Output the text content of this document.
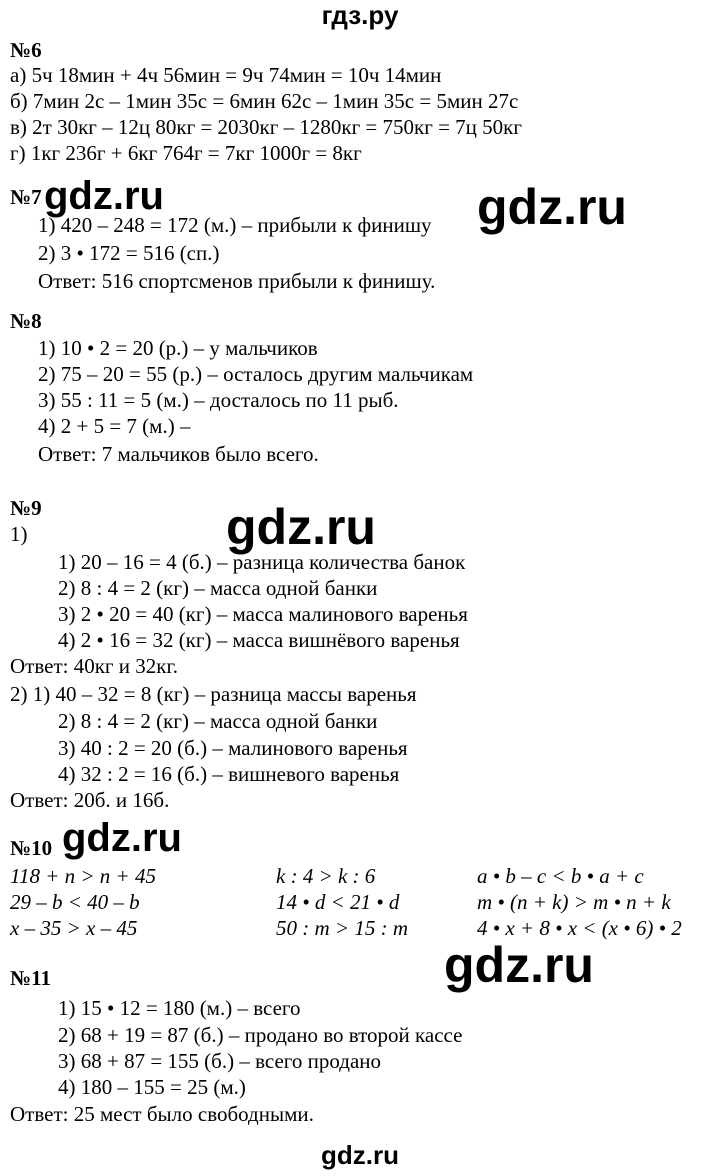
гдз.ру
№6
а) 5ч 18мин + 4ч 56мин = 9ч 74мин = 10ч 14мин
б) 7мин 2с – 1мин 35с = 6мин 62с – 1мин 35с = 5мин 27с
в) 2т 30кг – 12ц 80кг = 2030кг – 1280кг = 750кг = 7ц 50кг
г) 1кг 236г + 6кг 764г = 7кг 1000г = 8кг
№7 gdz.ru
1) 420 – 248 = 172 (м.) – прибыли к финишу gdz.ru
2) 3 • 172 = 516 (сп.)
Ответ: 516 спортсменов прибыли к финишу.
№8
1) 10 • 2 = 20 (р.) – у мальчиков
2) 75 – 20 = 55 (р.) – осталось другим мальчикам
3) 55 : 11 = 5 (м.) – досталось по 11 рыб.
4) 2 + 5 = 7 (м.) –
Ответ: 7 мальчиков было всего.
№9	gdz.ru
1)
1) 20 – 16 = 4 (б.) – разница количества банок
2) 8 : 4 = 2 (кг) – масса одной банки
3) 2 • 20 = 40 (кг) – масса малинового варенья
4) 2 • 16 = 32 (кг) – масса вишнёвого варенья
Ответ: 40кг и 32кг.
2) 1) 40 – 32 = 8 (кг) – разница массы варенья
2) 8 : 4 = 2 (кг) – масса одной банки
3) 40 : 2 = 20 (б.) – малинового варенья
4) 32 : 2 = 16 (б.) – вишневого варенья
Ответ: 20б. и 16б.
№10 gdz.ru
118 + n > n + 45	k : 4 > k : 6	a • b – c < b • a + c
29 – b < 40 – b	14 • d < 21 • d	m • (n + k) > m • n + k
x – 35 > x – 45	50 : m > 15 : m	4 • x + 8 • x < (x • 6) • 2
gdz.ru
№11
1) 15 • 12 = 180 (м.) – всего
2) 68 + 19 = 87 (б.) – продано во второй кассе
3) 68 + 87 = 155 (б.) – всего продано
4) 180 – 155 = 25 (м.)
Ответ: 25 мест было свободными.
gdz.ru
